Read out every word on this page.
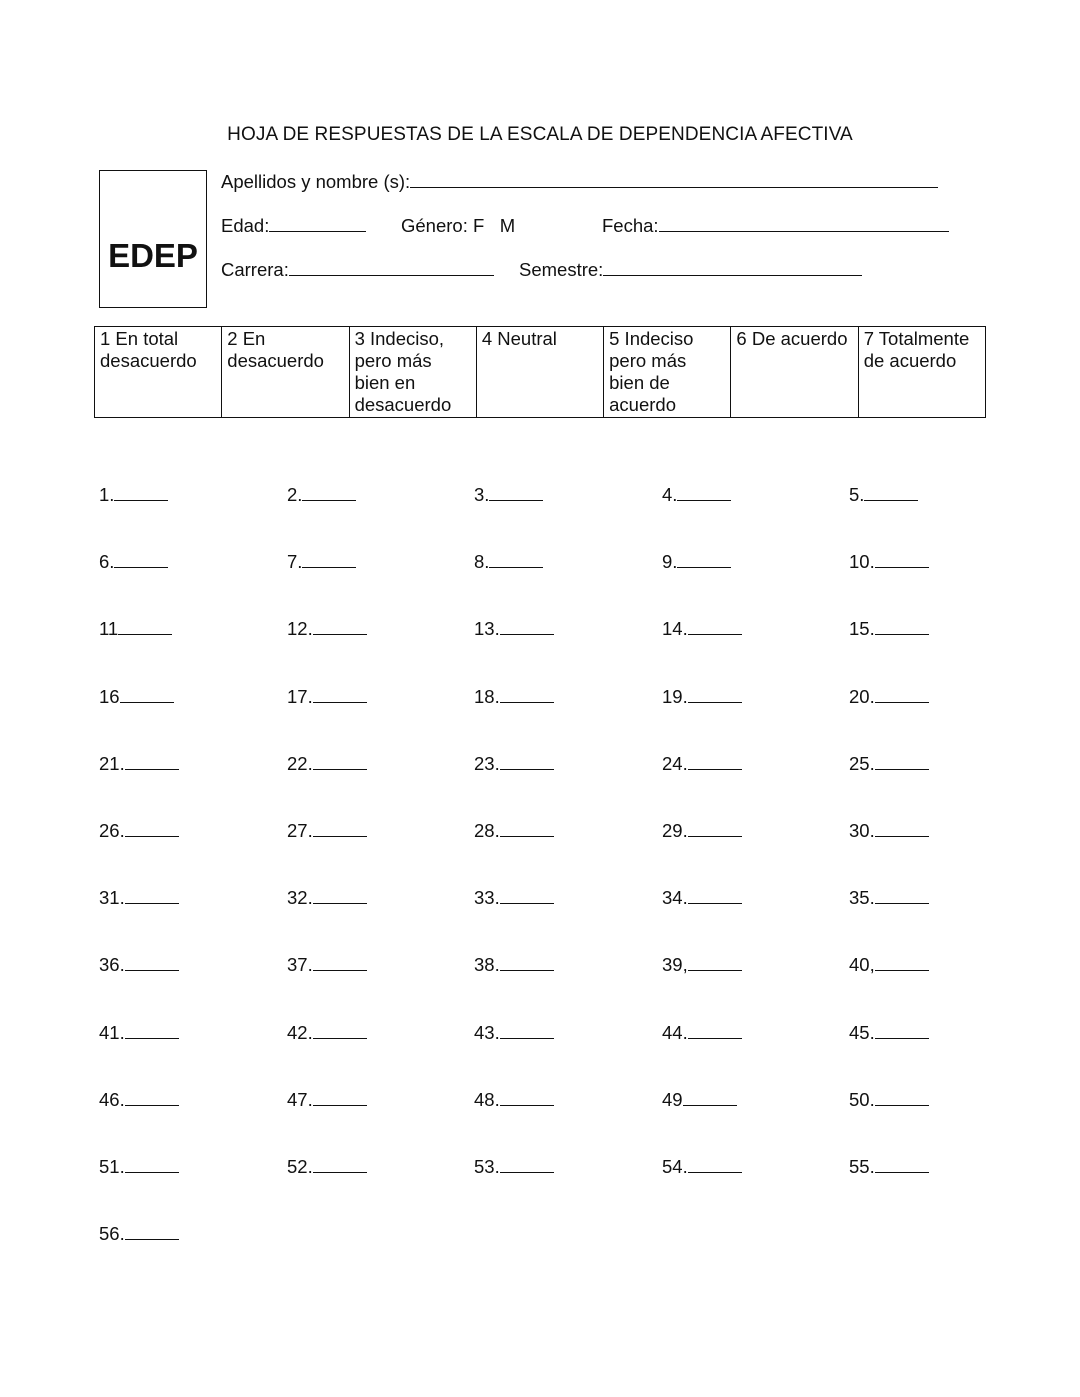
HOJA DE RESPUESTAS DE LA ESCALA DE DEPENDENCIA AFECTIVA
EDEP
Apellidos y nombre (s):
Edad:	Género: F   M	Fecha:
Carrera:	Semestre:
1 En total desacuerdo	2 En desacuerdo	3 Indeciso, pero más bien en desacuerdo	4 Neutral	5 Indeciso pero más bien de acuerdo	6 De acuerdo	7 Totalmente de acuerdo
1.	2.	3.	4.	5.
6.	7.	8.	9.	10.
11	12.	13.	14.	15.
16	17.	18.	19.	20.
21.	22.	23.	24.	25.
26.	27.	28.	29.	30.
31.	32.	33.	34.	35.
36.	37.	38.	39,	40,
41.	42.	43.	44.	45.
46.	47.	48.	49	50.
51.	52.	53.	54.	55.
56.
